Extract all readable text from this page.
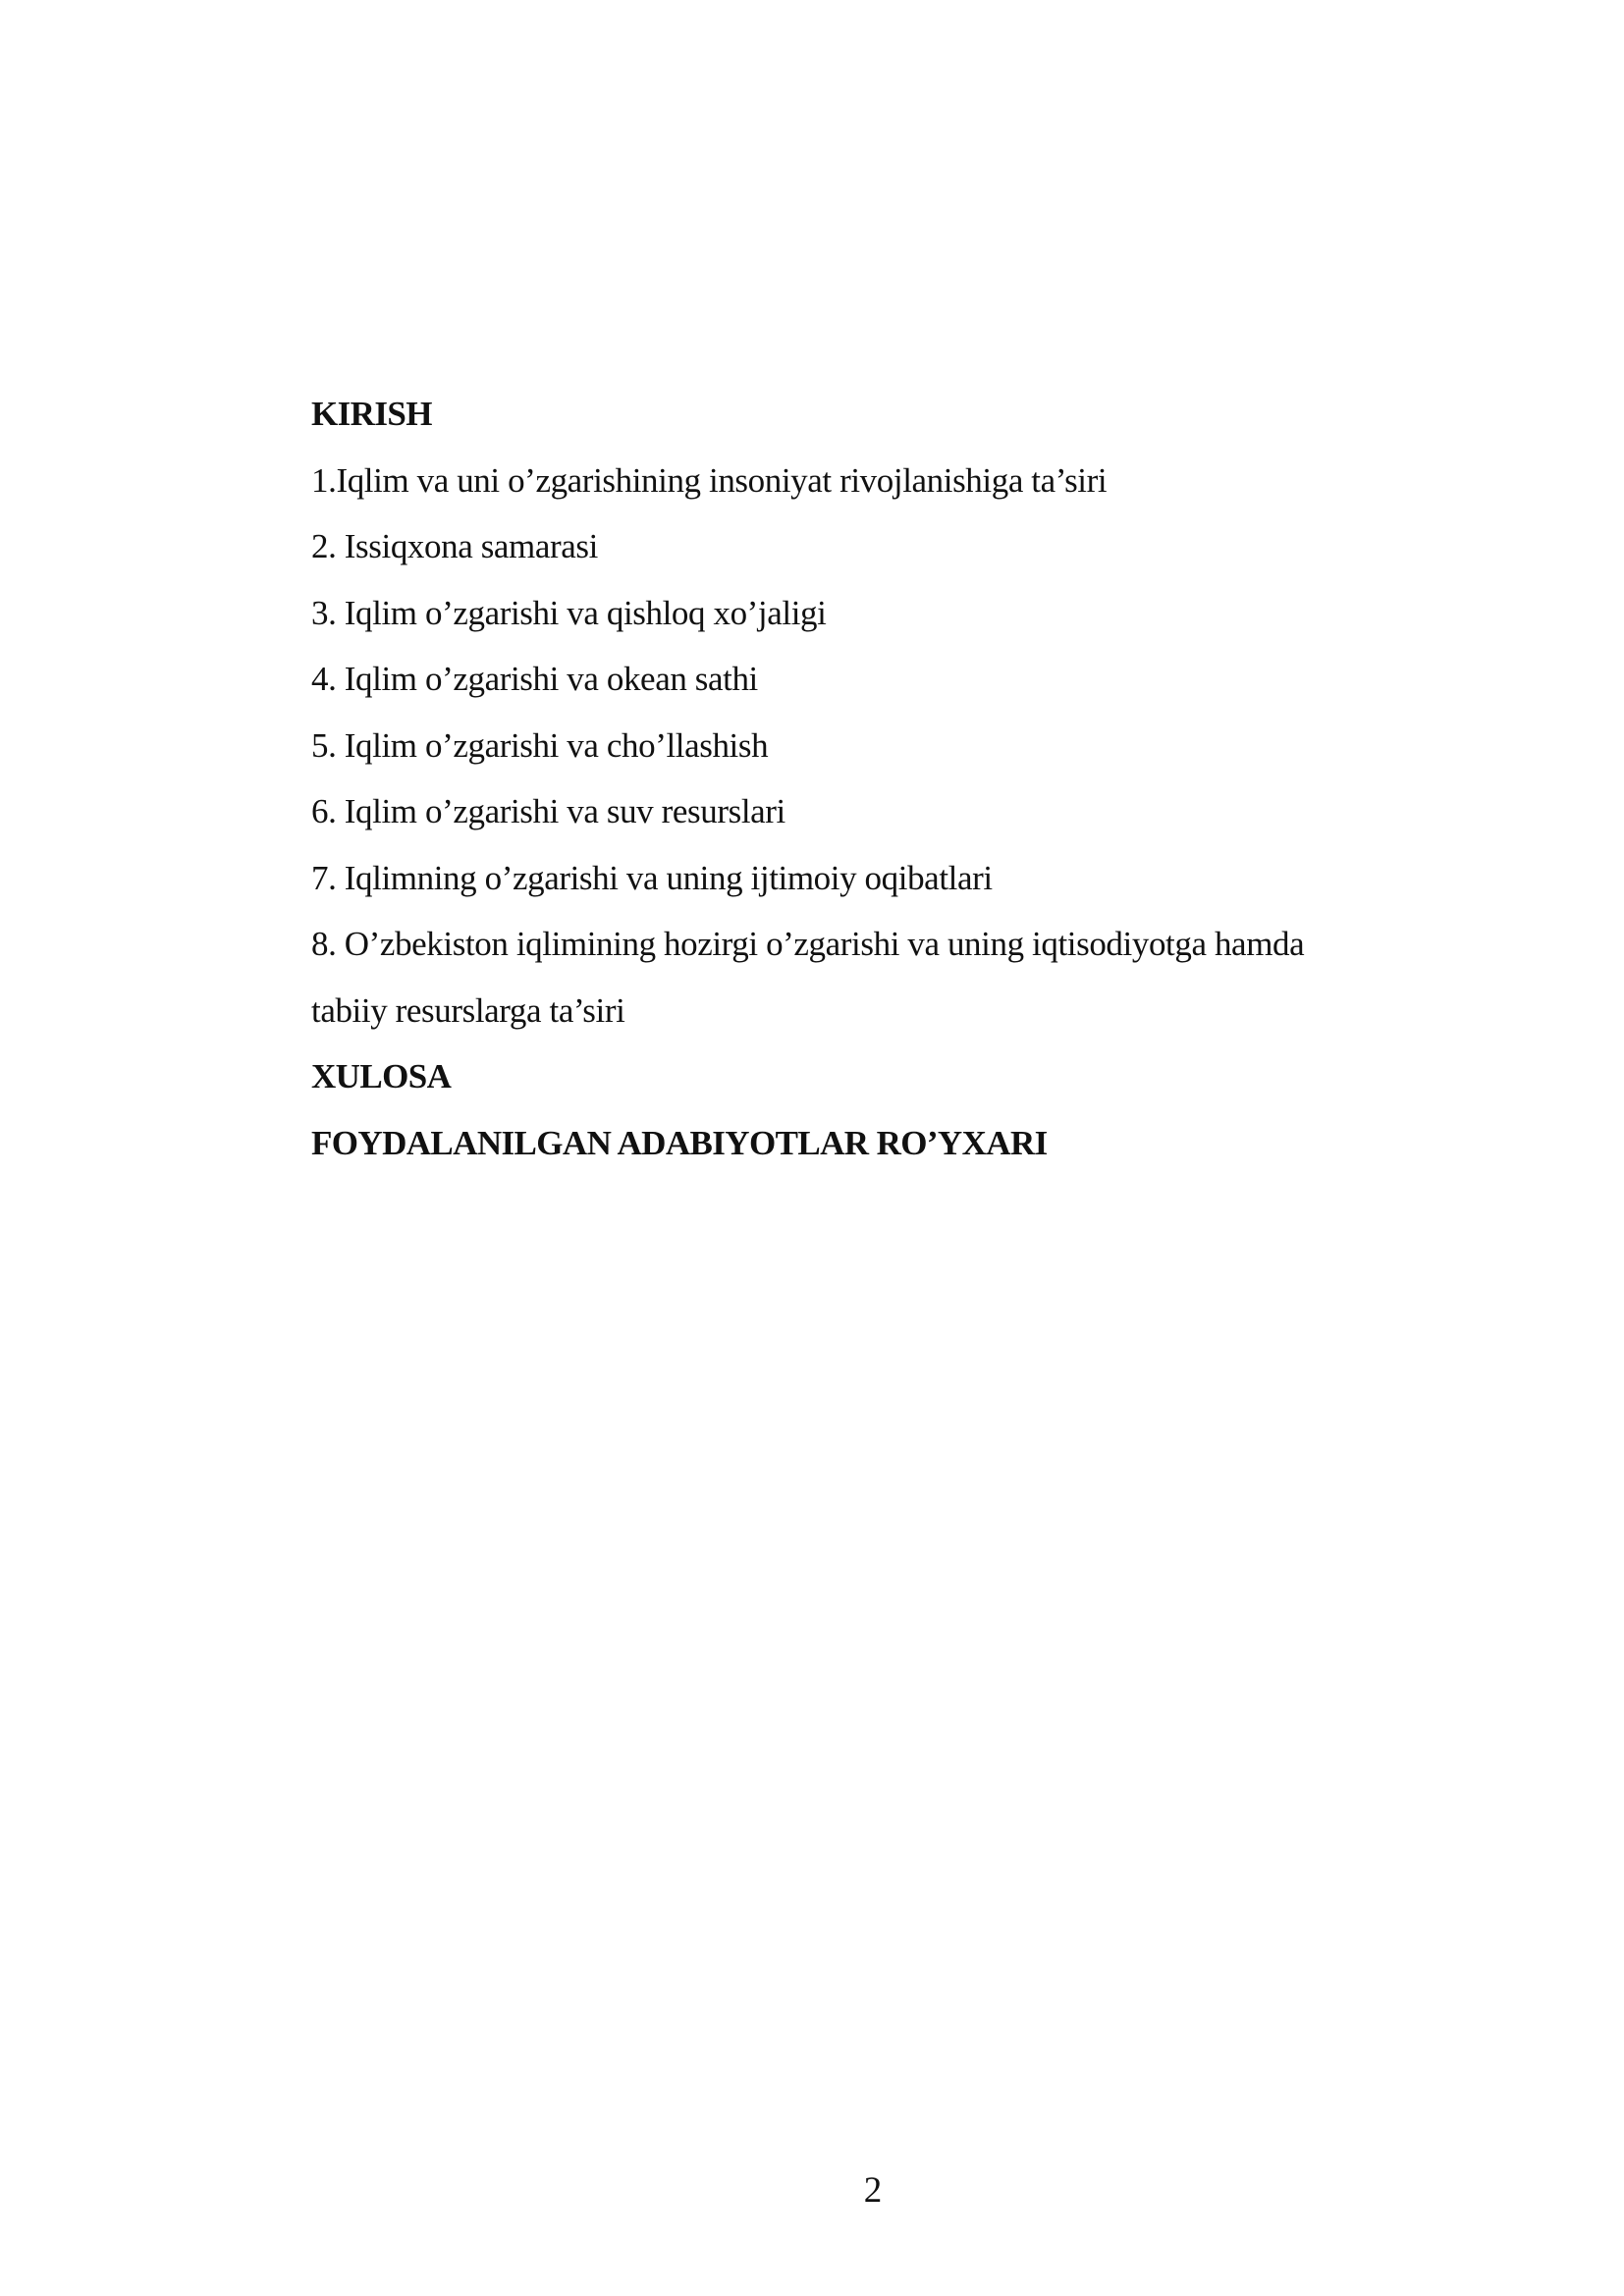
KIRISH
1.Iqlim va uni o’zgarishining insoniyat rivojlanishiga ta’siri
2. Issiqxona samarasi
3. Iqlim o’zgarishi va qishloq xo’jaligi
4. Iqlim o’zgarishi va okean sathi
5. Iqlim o’zgarishi va cho’llashish
6. Iqlim o’zgarishi va suv resurslari
7. Iqlimning o’zgarishi va uning ijtimoiy oqibatlari
8. O’zbekiston iqlimining hozirgi o’zgarishi va uning iqtisodiyotga hamda
tabiiy resurslarga ta’siri
XULOSA
FOYDALANILGAN ADABIYOTLAR RO’YXARI
2
